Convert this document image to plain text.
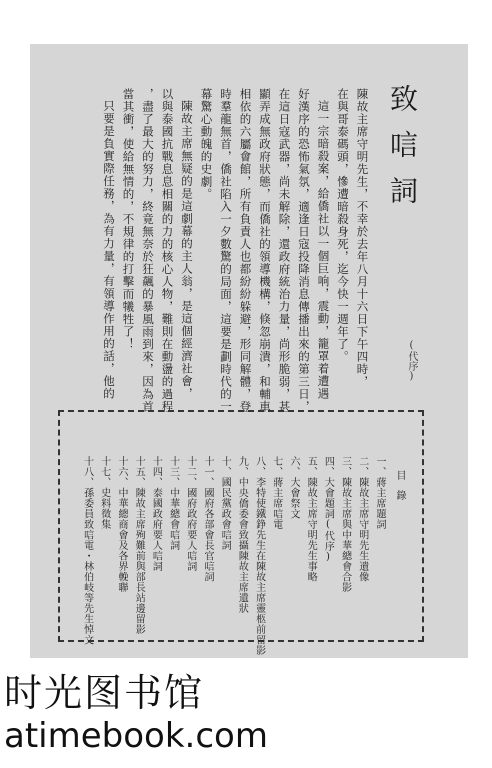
致唁詞
(代序)
陳故主席守明先生，不幸於去年八月十六日下午四時，
在與哥泰碼頭，慘遭暗殺身死，迄今快一週年了。
這一宗暗殺案，給僑社以一個巨响，震動，籠罩着遭遇
好漢序的恐怖氣氛，適逢日寇投降消息傳播出來的第三日，
在這日寇武器，尚未解除，還政府統治力量，尚形脆弱，甚
顯弄成無政府狀態，而僑社的領導機構，倏忽崩潰，和輔車
相依的六屬會館，所有負責人也都紛紛躲避，形同解體，登
時羣龍無首，僑社陷入一夕數驚的局面，這要是劃時代的一
幕驚心動魄的史劇。
陳故主席無疑的是這劇幕的主人翁，是這個經濟社會，
以與泰國抗戰息息相關的力的核心人物，難則在動盪的過程
，盡了最大的努力，終竟無奈於狂飆的暴風雨到來，因為首
當其衝，使給無情的，不規律的打擊而犧牲了！
只要是負實際任務，為有力量，有領導作用的話，他的
目錄
一、蔣主席題詞
二、陳故主席守明先生遺像
三、陳故主席與中華總會合影
四、大會題詞(代序)
五、陳故主席守明先生事略
六、大會祭文
七、蔣主席唁電
八、李特使鐵錚先生在陳故主席靈柩前留影
九、中央僑委會致攝陳故主席遺狀
十、國民黨政會唁詞
十一、國府各部會長官唁詞
十二、國府政府要人唁詞
十三、中華總會唁詞
十四、泰國政府要人唁詞
十五、陳故主席殉難前與部長站邊留影
十六、中華總商會及各界輓聯
十七、史料徵集
十八、孫委員致唁電・林伯岐等先生悼文
时光图书馆
atimebook.com
